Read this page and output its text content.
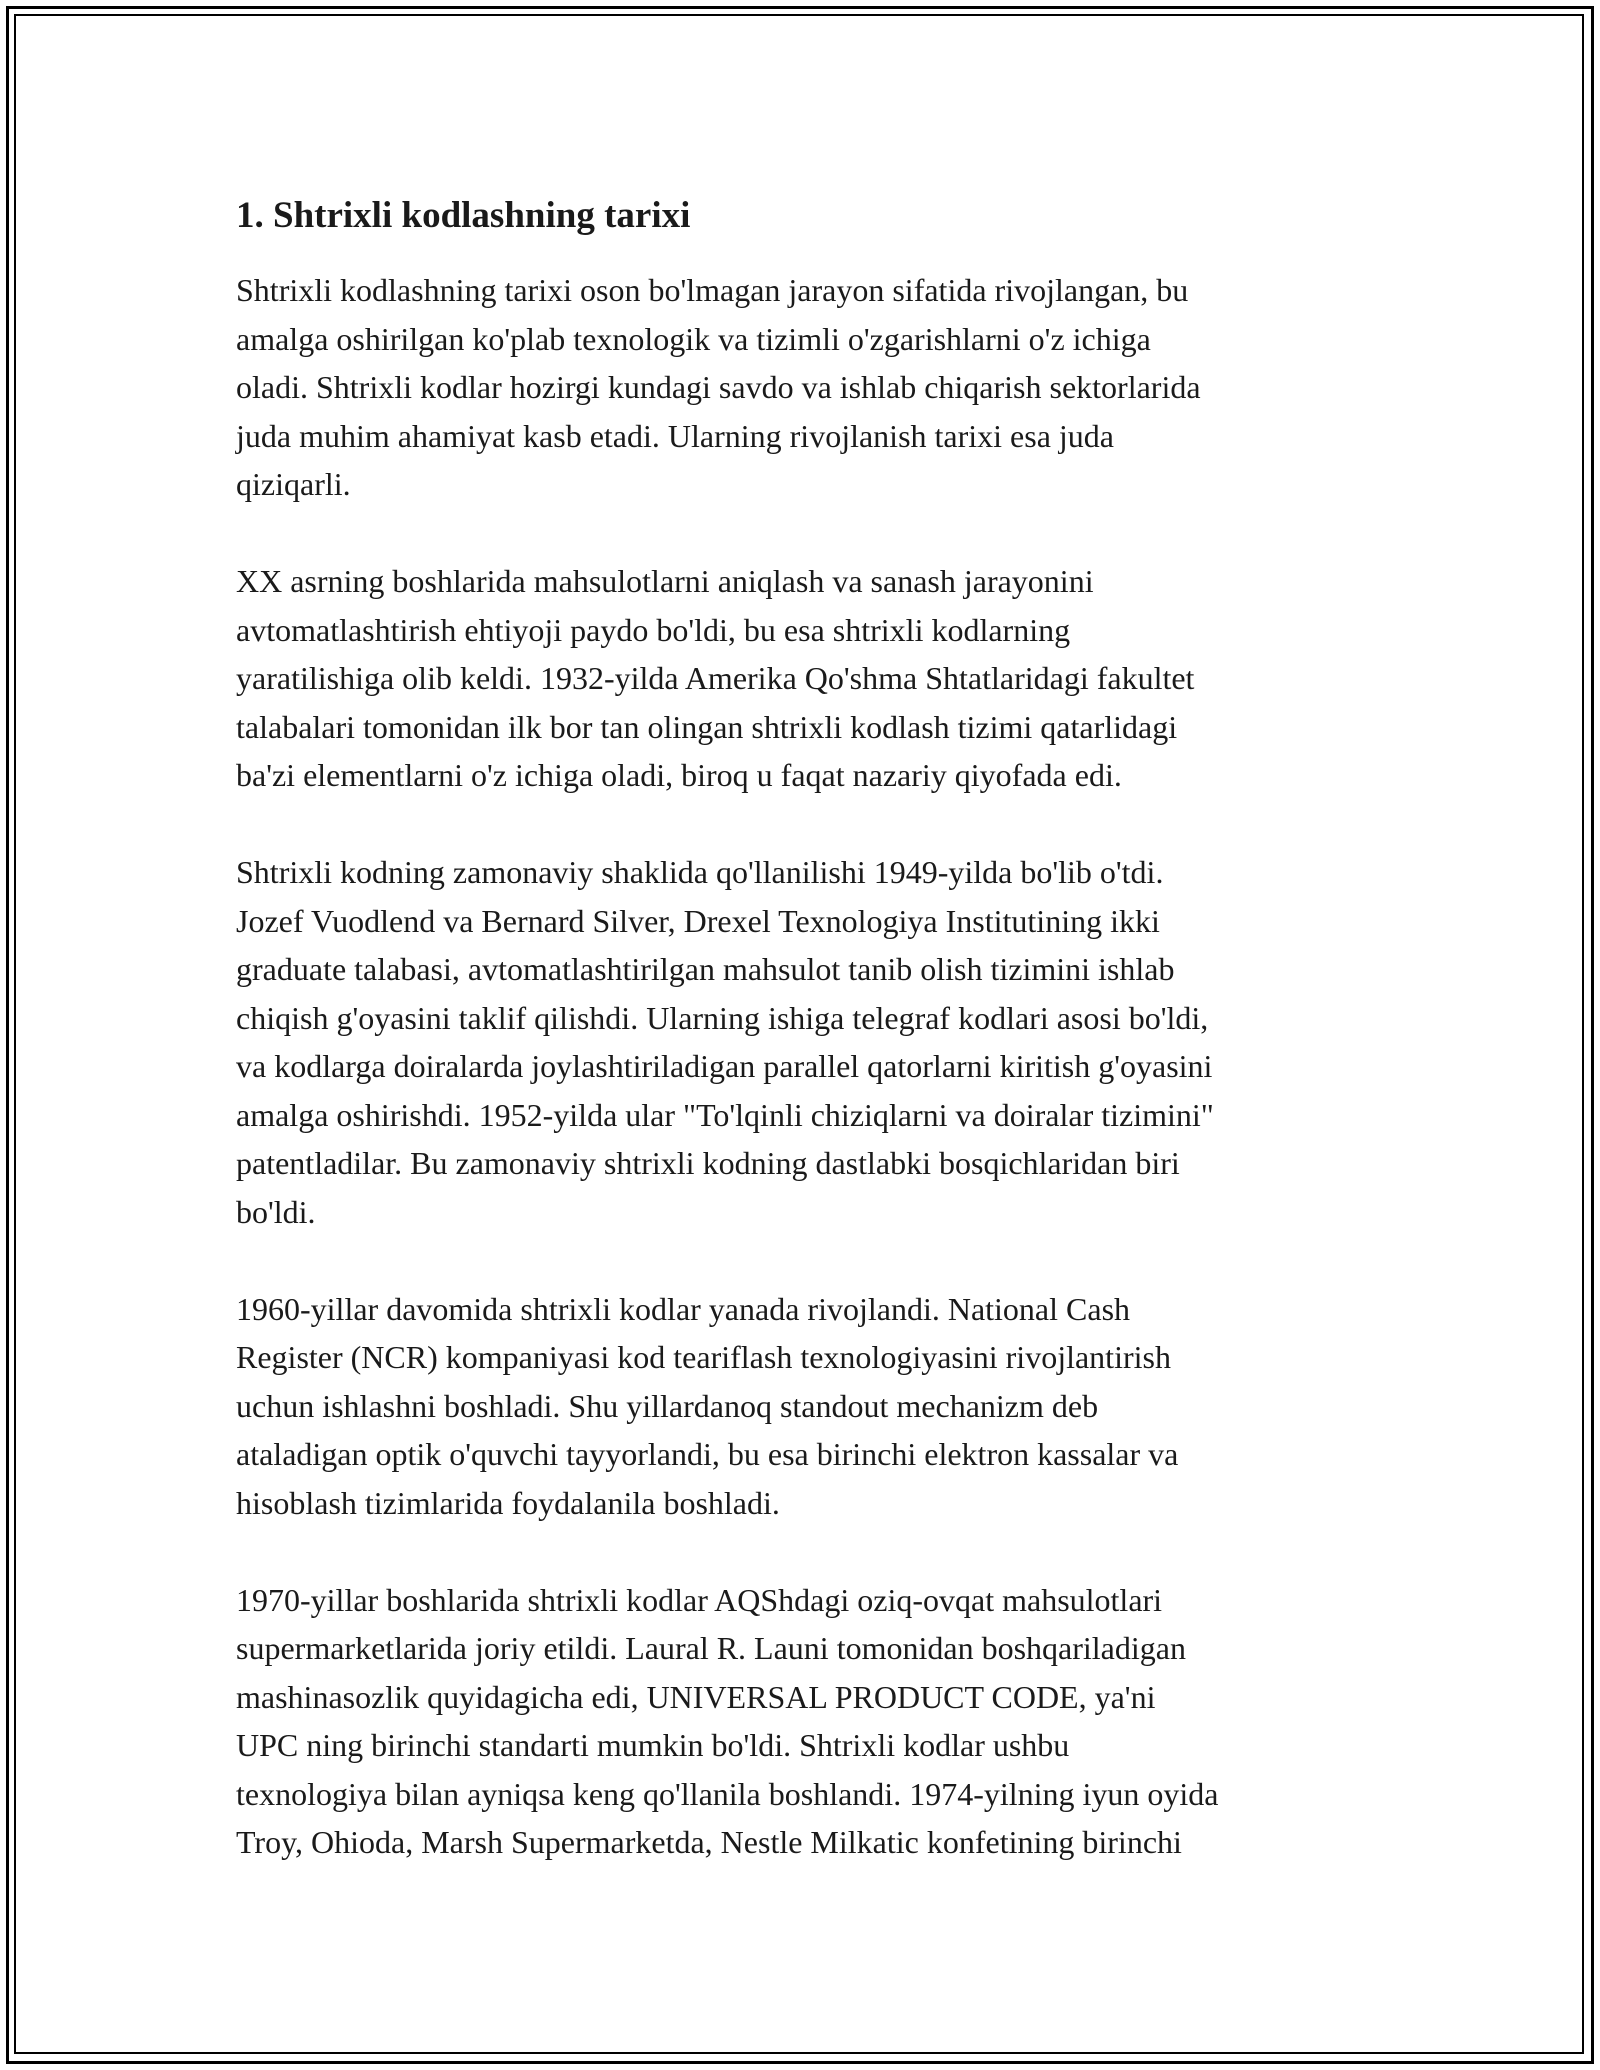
1. Shtrixli kodlashning tarixi

Shtrixli kodlashning tarixi oson bo'lmagan jarayon sifatida rivojlangan, bu
amalga oshirilgan ko'plab texnologik va tizimli o'zgarishlarni o'z ichiga
oladi. Shtrixli kodlar hozirgi kundagi savdo va ishlab chiqarish sektorlarida
juda muhim ahamiyat kasb etadi. Ularning rivojlanish tarixi esa juda
qiziqarli.

XX asrning boshlarida mahsulotlarni aniqlash va sanash jarayonini
avtomatlashtirish ehtiyoji paydo bo'ldi, bu esa shtrixli kodlarning
yaratilishiga olib keldi. 1932-yilda Amerika Qo'shma Shtatlaridagi fakultet
talabalari tomonidan ilk bor tan olingan shtrixli kodlash tizimi qatarlidagi
ba'zi elementlarni o'z ichiga oladi, biroq u faqat nazariy qiyofada edi.

Shtrixli kodning zamonaviy shaklida qo'llanilishi 1949-yilda bo'lib o'tdi.
Jozef Vuodlend va Bernard Silver, Drexel Texnologiya Institutining ikki
graduate talabasi, avtomatlashtirilgan mahsulot tanib olish tizimini ishlab
chiqish g'oyasini taklif qilishdi. Ularning ishiga telegraf kodlari asosi bo'ldi,
va kodlarga doiralarda joylashtiriladigan parallel qatorlarni kiritish g'oyasini
amalga oshirishdi. 1952-yilda ular "To'lqinli chiziqlarni va doiralar tizimini"
patentladilar. Bu zamonaviy shtrixli kodning dastlabki bosqichlaridan biri
bo'ldi.

1960-yillar davomida shtrixli kodlar yanada rivojlandi. National Cash
Register (NCR) kompaniyasi kod teariflash texnologiyasini rivojlantirish
uchun ishlashni boshladi. Shu yillardanoq standout mechanizm deb
ataladigan optik o'quvchi tayyorlandi, bu esa birinchi elektron kassalar va
hisoblash tizimlarida foydalanila boshladi.

1970-yillar boshlarida shtrixli kodlar AQShdagi oziq-ovqat mahsulotlari
supermarketlarida joriy etildi. Laural R. Launi tomonidan boshqariladigan
mashinasozlik quyidagicha edi, UNIVERSAL PRODUCT CODE, ya'ni
UPC ning birinchi standarti mumkin bo'ldi. Shtrixli kodlar ushbu
texnologiya bilan ayniqsa keng qo'llanila boshlandi. 1974-yilning iyun oyida
Troy, Ohioda, Marsh Supermarketda, Nestle Milkatic konfetining birinchi
